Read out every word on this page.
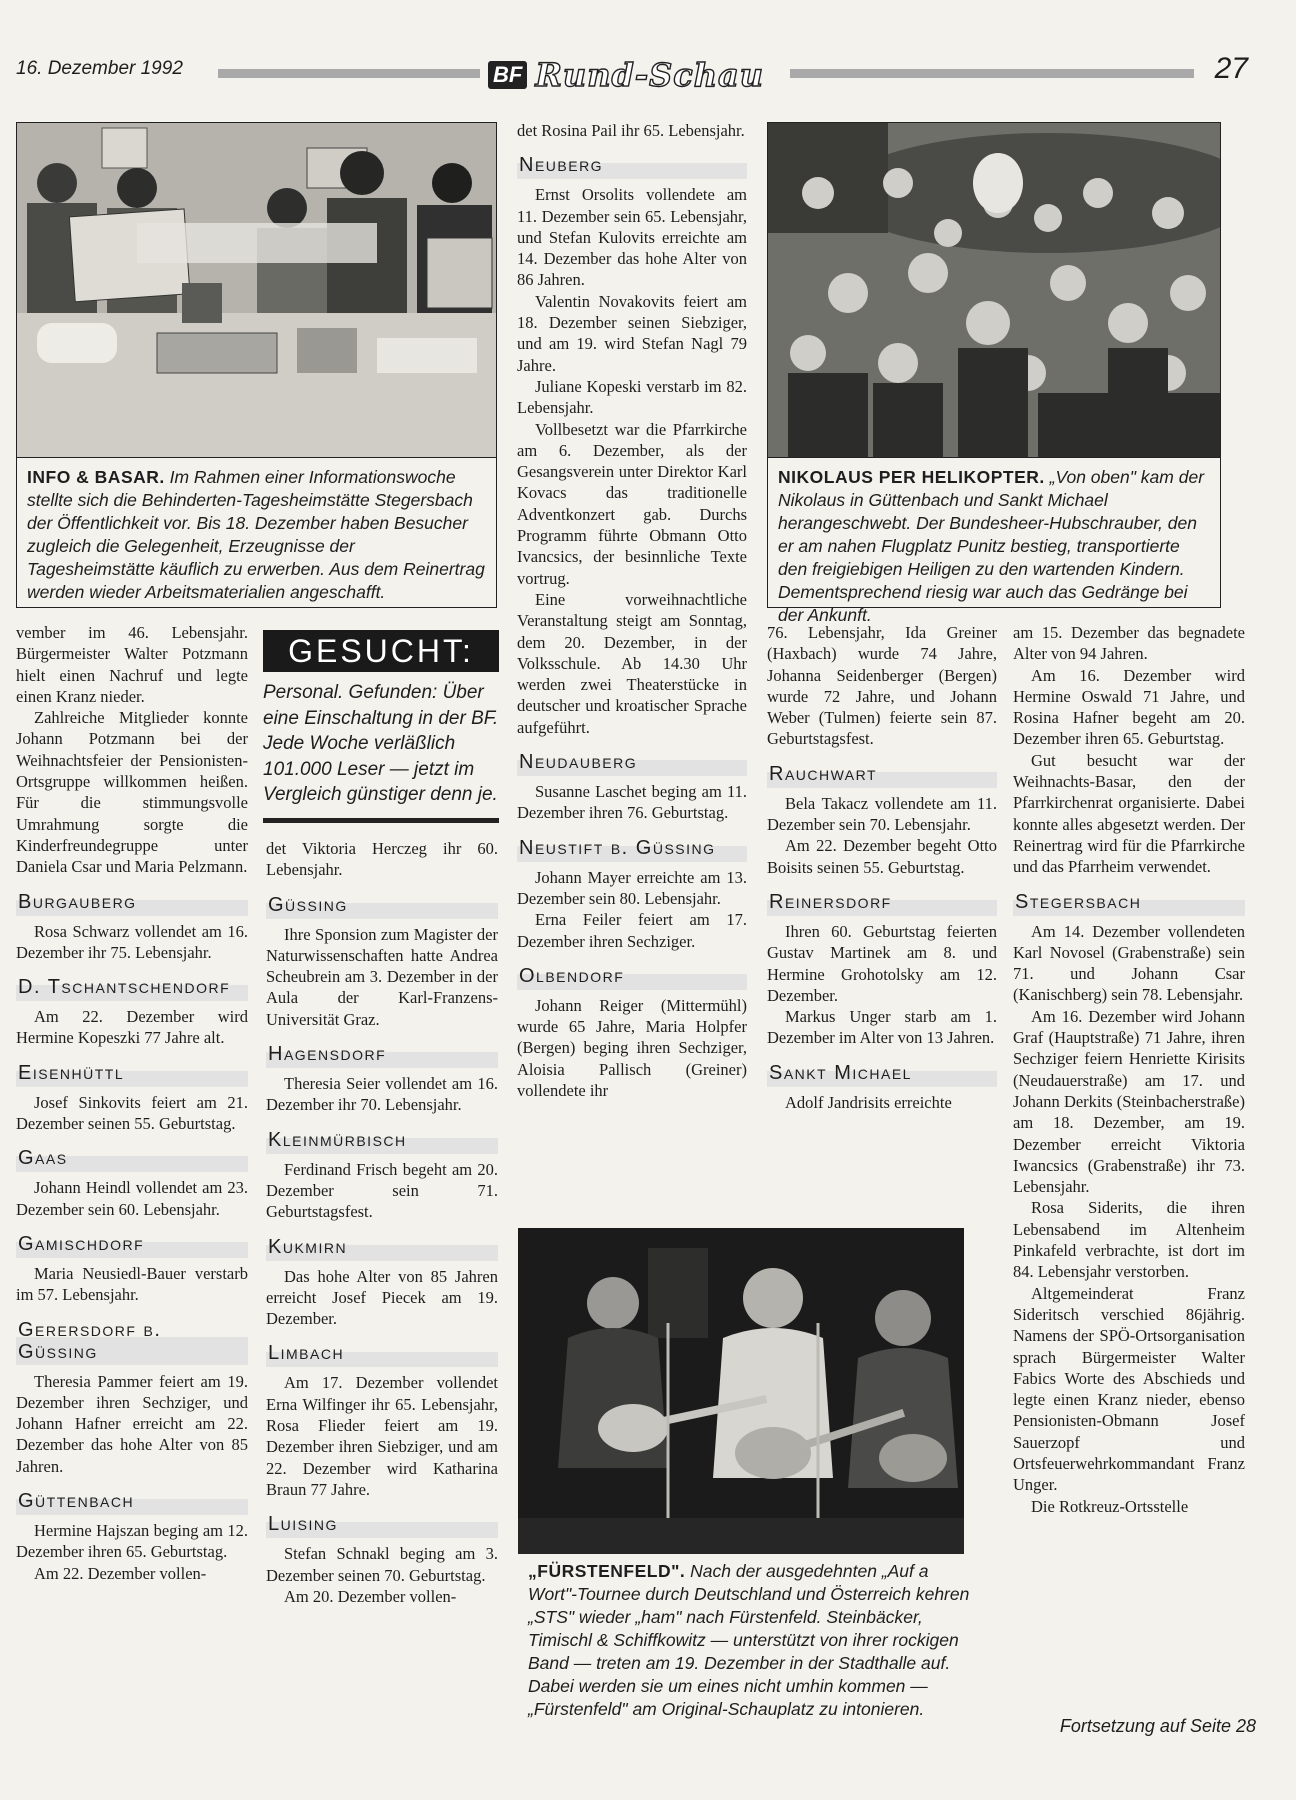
16. Dezember 1992	BF Rund-Schau	27
INFO & BASAR. Im Rahmen einer Informationswoche stellte sich die Behinderten-Tagesheimstätte Stegersbach der Öffentlichkeit vor. Bis 18. Dezember haben Besucher zugleich die Gelegenheit, Erzeugnisse der Tagesheimstätte käuflich zu erwerben. Aus dem Reinertrag werden wieder Arbeitsmaterialien angeschafft.
NIKOLAUS PER HELIKOPTER. „Von oben" kam der Nikolaus in Güttenbach und Sankt Michael herangeschwebt. Der Bundesheer-Hubschrauber, den er am nahen Flugplatz Punitz bestieg, transportierte den freigiebigen Heiligen zu den wartenden Kindern. Dementsprechend riesig war auch das Gedränge bei der Ankunft.
„FÜRSTENFELD". Nach der ausgedehnten „Auf a Wort"-Tournee durch Deutschland und Österreich kehren „STS" wieder „ham" nach Fürstenfeld. Steinbäcker, Timischl & Schiffkowitz — unterstützt von ihrer rockigen Band — treten am 19. Dezember in der Stadthalle auf. Dabei werden sie um eines nicht umhin kommen — „Fürstenfeld" am Original-Schauplatz zu intonieren.

vember im 46. Lebensjahr. Bürgermeister Walter Potzmann hielt einen Nachruf und legte einen Kranz nieder.

Zahlreiche Mitglieder konnte Johann Potzmann bei der Weihnachtsfeier der Pensionisten-Ortsgruppe willkommen heißen. Für die stimmungsvolle Umrahmung sorgte die Kinderfreundegruppe unter Daniela Csar und Maria Pelzmann.

Burgauberg

Rosa Schwarz vollendet am 16. Dezember ihr 75. Lebensjahr.

D. Tschantschendorf

Am 22. Dezember wird Hermine Kopeszki 77 Jahre alt.

Eisenhüttl

Josef Sinkovits feiert am 21. Dezember seinen 55. Geburtstag.

Gaas

Johann Heindl vollendet am 23. Dezember sein 60. Lebensjahr.

Gamischdorf

Maria Neusiedl-Bauer verstarb im 57. Lebensjahr.

Gerersdorf b. Güssing

Theresia Pammer feiert am 19. Dezember ihren Sechziger, und Johann Hafner erreicht am 22. Dezember das hohe Alter von 85 Jahren.

Güttenbach

Hermine Hajszan beging am 12. Dezember ihren 65. Geburtstag.

Am 22. Dezember vollen-

GESUCHT:
Personal. Gefunden: Über eine Einschaltung in der BF. Jede Woche verläßlich 101.000 Leser — jetzt im Vergleich günstiger denn je.

det Viktoria Herczeg ihr 60. Lebensjahr.

Güssing

Ihre Sponsion zum Magister der Naturwissenschaften hatte Andrea Scheubrein am 3. Dezember in der Aula der Karl-Franzens-Universität Graz.

Hagensdorf

Theresia Seier vollendet am 16. Dezember ihr 70. Lebensjahr.

Kleinmürbisch

Ferdinand Frisch begeht am 20. Dezember sein 71. Geburtstagsfest.

Kukmirn

Das hohe Alter von 85 Jahren erreicht Josef Piecek am 19. Dezember.

Limbach

Am 17. Dezember vollendet Erna Wilfinger ihr 65. Lebensjahr, Rosa Flieder feiert am 19. Dezember ihren Siebziger, und am 22. Dezember wird Katharina Braun 77 Jahre.

Luising

Stefan Schnakl beging am 3. Dezember seinen 70. Geburtstag.

Am 20. Dezember vollen-

det Rosina Pail ihr 65. Lebensjahr.

Neuberg

Ernst Orsolits vollendete am 11. Dezember sein 65. Lebensjahr, und Stefan Kulovits erreichte am 14. Dezember das hohe Alter von 86 Jahren.

Valentin Novakovits feiert am 18. Dezember seinen Siebziger, und am 19. wird Stefan Nagl 79 Jahre.

Juliane Kopeski verstarb im 82. Lebensjahr.

Vollbesetzt war die Pfarrkirche am 6. Dezember, als der Gesangsverein unter Direktor Karl Kovacs das traditionelle Adventkonzert gab. Durchs Programm führte Obmann Otto Ivancsics, der besinnliche Texte vortrug.

Eine vorweihnachtliche Veranstaltung steigt am Sonntag, dem 20. Dezember, in der Volksschule. Ab 14.30 Uhr werden zwei Theaterstücke in deutscher und kroatischer Sprache aufgeführt.

Neudauberg

Susanne Laschet beging am 11. Dezember ihren 76. Geburtstag.

Neustift b. Güssing

Johann Mayer erreichte am 13. Dezember sein 80. Lebensjahr.

Erna Feiler feiert am 17. Dezember ihren Sechziger.

Olbendorf

Johann Reiger (Mittermühl) wurde 65 Jahre, Maria Holpfer (Bergen) beging ihren Sechziger, Aloisia Pallisch (Greiner) vollendete ihr

76. Lebensjahr, Ida Greiner (Haxbach) wurde 74 Jahre, Johanna Seidenberger (Bergen) wurde 72 Jahre, und Johann Weber (Tulmen) feierte sein 87. Geburtstagsfest.

Rauchwart

Bela Takacz vollendete am 11. Dezember sein 70. Lebensjahr.

Am 22. Dezember begeht Otto Boisits seinen 55. Geburtstag.

Reinersdorf

Ihren 60. Geburtstag feierten Gustav Martinek am 8. und Hermine Grohotolsky am 12. Dezember.

Markus Unger starb am 1. Dezember im Alter von 13 Jahren.

Sankt Michael

Adolf Jandrisits erreichte

am 15. Dezember das begnadete Alter von 94 Jahren.

Am 16. Dezember wird Hermine Oswald 71 Jahre, und Rosina Hafner begeht am 20. Dezember ihren 65. Geburtstag.

Gut besucht war der Weihnachts-Basar, den der Pfarrkirchenrat organisierte. Dabei konnte alles abgesetzt werden. Der Reinertrag wird für die Pfarrkirche und das Pfarrheim verwendet.

Stegersbach

Am 14. Dezember vollendeten Karl Novosel (Grabenstraße) sein 71. und Johann Csar (Kanischberg) sein 78. Lebensjahr.

Am 16. Dezember wird Johann Graf (Hauptstraße) 71 Jahre, ihren Sechziger feiern Henriette Kirisits (Neudauerstraße) am 17. und Johann Derkits (Steinbacherstraße) am 18. Dezember, am 19. Dezember erreicht Viktoria Iwancsics (Grabenstraße) ihr 73. Lebensjahr.

Rosa Siderits, die ihren Lebensabend im Altenheim Pinkafeld verbrachte, ist dort im 84. Lebensjahr verstorben.

Altgemeinderat Franz Sideritsch verschied 86jährig. Namens der SPÖ-Ortsorganisation sprach Bürgermeister Walter Fabics Worte des Abschieds und legte einen Kranz nieder, ebenso Pensionisten-Obmann Josef Sauerzopf und Ortsfeuerwehrkommandant Franz Unger.

Die Rotkreuz-Ortsstelle

Fortsetzung auf Seite 28
